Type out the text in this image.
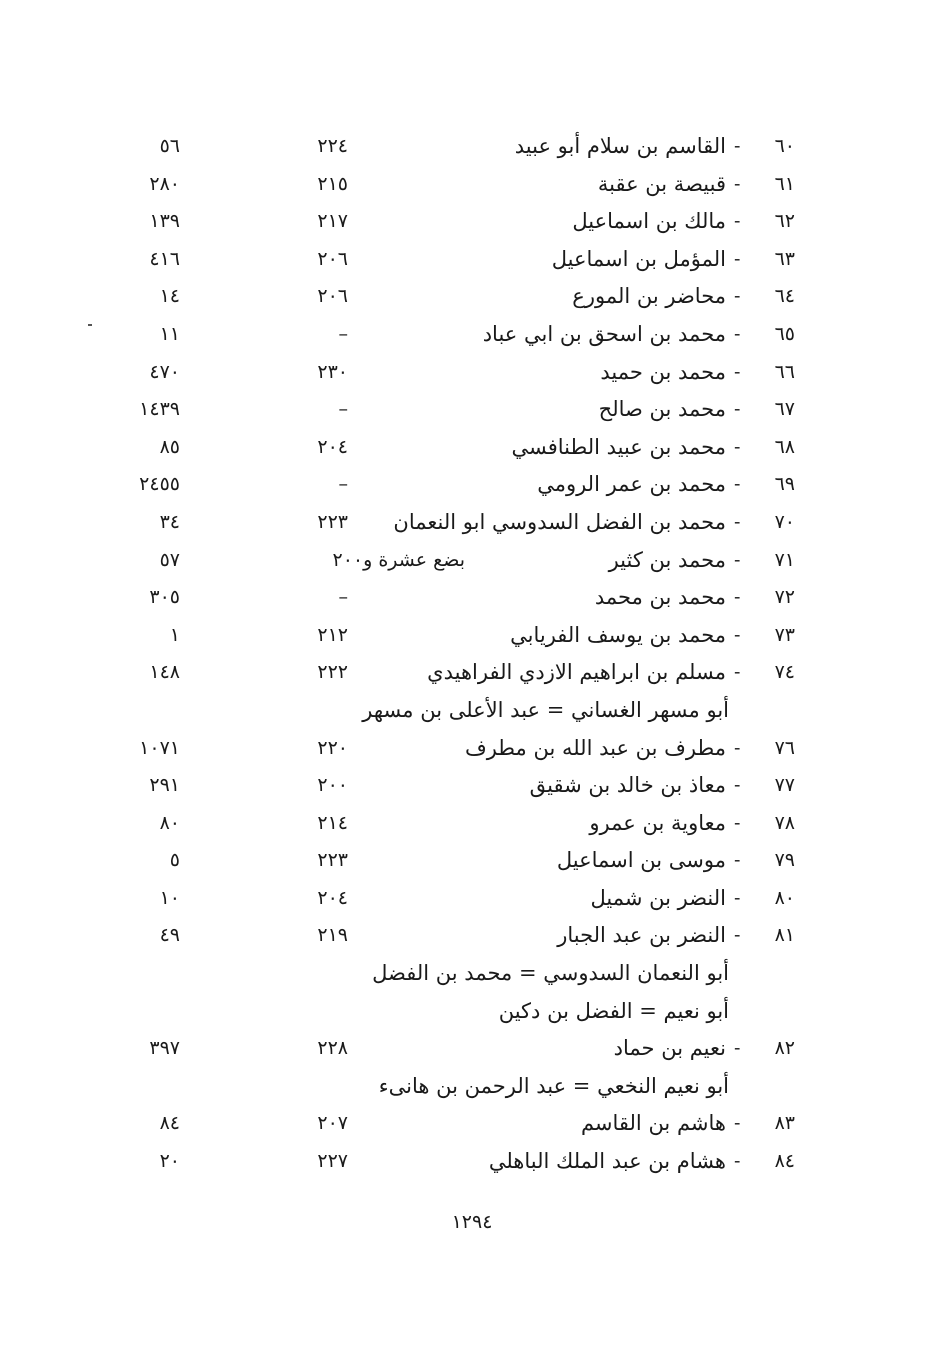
٦٠
-
القاسم بن سلام أبو عبيد
٢٢٤
٥٦
٦١
-
قبيصة بن عقبة
٢١٥
٢٨٠
٦٢
-
مالك بن اسماعيل
٢١٧
١٣٩
٦٣
-
المؤمل بن اسماعيل
٢٠٦
٤١٦
٦٤
-
محاضر بن المورع
٢٠٦
١٤
٦٥
-
محمد بن اسحق بن ابي عباد
–
١١
٦٦
-
محمد بن حميد
٢٣٠
٤٧٠
٦٧
-
محمد بن صالح
–
١٤٣٩
٦٨
-
محمد بن عبيد الطنافسي
٢٠٤
٨٥
٦٩
-
محمد بن عمر الرومي
–
٢٤٥٥
٧٠
-
محمد بن الفضل السدوسي ابو النعمان
٢٢٣
٣٤
٧١
-
محمد بن كثير
بضع عشرة و٢٠٠
٥٧
٧٢
-
محمد بن محمد
–
٣٠٥
٧٣
-
محمد بن يوسف الفريابي
٢١٢
١
٧٤
-
مسلم بن ابراهيم الازدي الفراهيدي
٢٢٢
١٤٨
أبو مسهر الغساني = عبد الأعلى بن مسهر
٧٦
-
مطرف بن عبد الله بن مطرف
٢٢٠
١٠٧١
٧٧
-
معاذ بن خالد بن شقيق
٢٠٠
٢٩١
٧٨
-
معاوية بن عمرو
٢١٤
٨٠
٧٩
-
موسى بن اسماعيل
٢٢٣
٥
٨٠
-
النضر بن شميل
٢٠٤
١٠
٨١
-
النضر بن عبد الجبار
٢١٩
٤٩
أبو النعمان السدوسي = محمد بن الفضل
أبو نعيم = الفضل بن دكين
٨٢
-
نعيم بن حماد
٢٢٨
٣٩٧
أبو نعيم النخعي = عبد الرحمن بن هانىء
٨٣
-
هاشم بن القاسم
٢٠٧
٨٤
٨٤
-
هشام بن عبد الملك الباهلي
٢٢٧
٢٠
١٢٩٤
